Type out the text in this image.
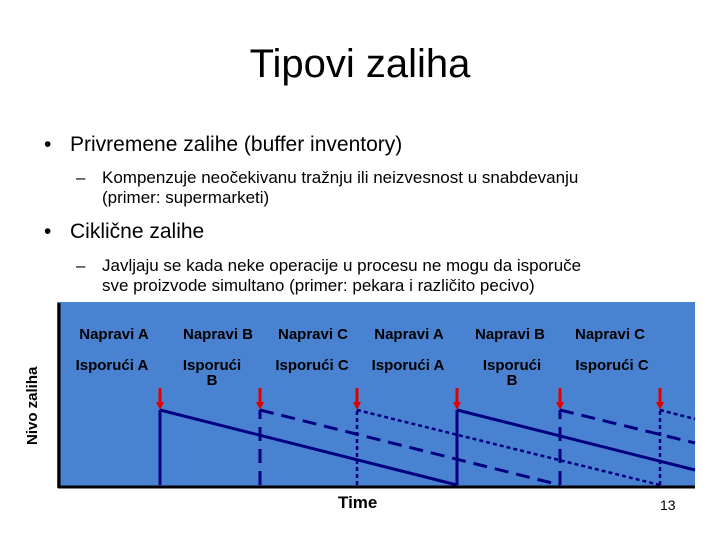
Tipovi zaliha
• Privremene zalihe (buffer inventory)
– Kompenzuje neočekivanu tražnju ili neizvesnost u snabdevanju
(primer: supermarketi)
• Ciklične zalihe
– Javljaju se kada neke operacije u procesu ne mogu da isporuče
sve proizvode simultano (primer: pekara i različito pecivo)
Napravi A Napravi B Napravi C Napravi A Napravi B Napravi C
Isporući A Isporući
B
Isporući C Isporući A	Isporući
B
Isporući C
Nivo zaliha
Time	13
